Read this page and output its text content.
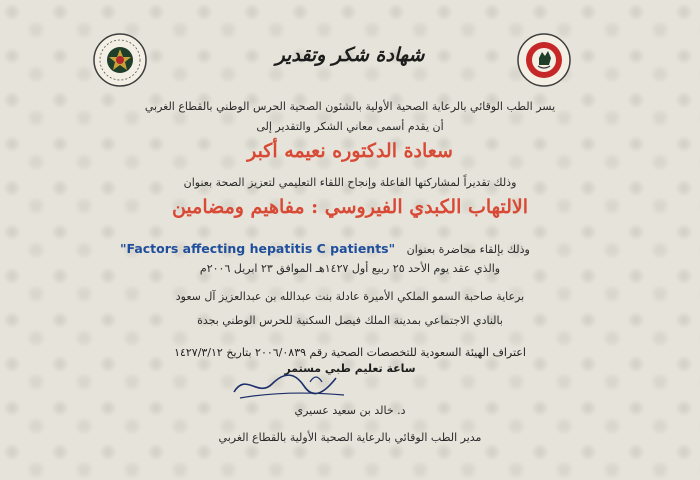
شهادة شكر وتقدير
يسر الطب الوقائي بالرعاية الصحية الأولية بالشئون الصحية الحرس الوطني بالقطاع الغربي
أن يقدم أسمى معاني الشكر والتقدير إلى
سعادة الدكتوره نعيمه أكبر
وذلك تقديراً لمشاركتها الفاعلة وإنجاح اللقاء التعليمي لتعزيز الصحة بعنوان
الالتهاب الكبدي الفيروسي : مفاهيم ومضامين
"Factors affecting hepatitis C patients" وذلك بإلقاء محاضرة بعنوان
والذي عقد يوم الأحد ٢٥ ربيع أول ١٤٢٧هـ الموافق ٢٣ ابريل ٢٠٠٦م
برعاية صاحبة السمو الملكي الأميرة عادلة بنت عبدالله بن عبدالعزيز آل سعود
بالنادي الاجتماعي بمدينة الملك فيصل السكنية للحرس الوطني بجدة
اعتراف الهيئة السعودية للتخصصات الصحية رقم ٢٠٠٦/٠٨٣٩ بتاريخ ١٤٢٧/٣/١٢
ساعة تعليم طبي مستمر
د. خالد بن سعيد عسيري
مدير الطب الوقائي بالرعاية الصحية الأولية بالقطاع الغربي
